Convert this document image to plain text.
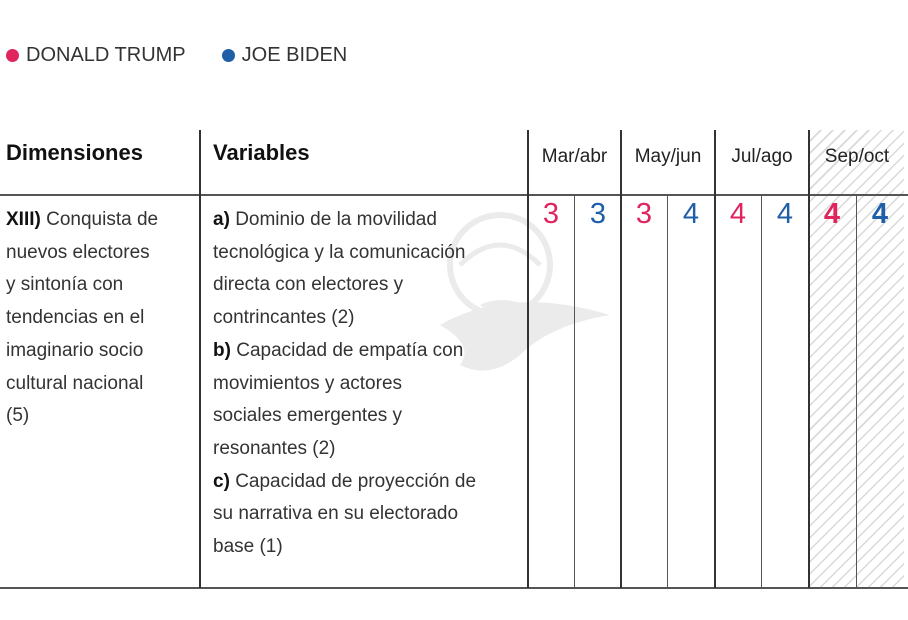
DONALD TRUMP	JOE BIDEN
Dimensiones	Variables	Mar/abr	May/jun	Jul/ago	Sep/oct
XIII) Conquista de
nuevos electores
y sintonía con
tendencias en el
imaginario socio
cultural nacional
(5)
a) Dominio de la movilidad
tecnológica y la comunicación
directa con electores y
contrincantes (2)
b) Capacidad de empatía con
movimientos y actores
sociales emergentes y
resonantes (2)
c) Capacidad de proyección de
su narrativa en su electorado
base (1)
3	3	3	4	4	4	4	4
